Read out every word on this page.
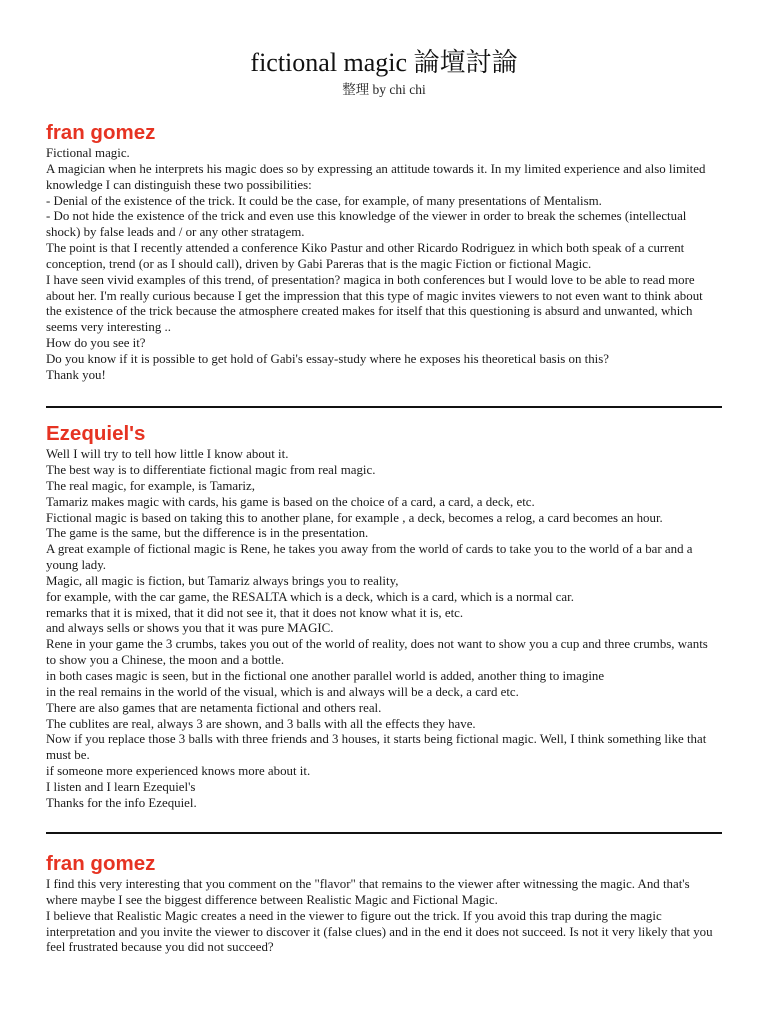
fictional magic 論壇討論
整理 by chi chi
fran gomez
Fictional magic.
A magician when he interprets his magic does so by expressing an attitude towards it. In my limited experience and also limited
knowledge I can distinguish these two possibilities:
- Denial of the existence of the trick. It could be the case, for example, of many presentations of Mentalism.
- Do not hide the existence of the trick and even use this knowledge of the viewer in order to break the schemes (intellectual
shock) by false leads and / or any other stratagem.
The point is that I recently attended a conference Kiko Pastur and other Ricardo Rodriguez in which both speak of a current
conception, trend (or as I should call), driven by Gabi Pareras that is the magic Fiction or fictional Magic.
I have seen vivid examples of this trend, of presentation? magica in both conferences but I would love to be able to read more
about her. I'm really curious because I get the impression that this type of magic invites viewers to not even want to think about
the existence of the trick because the atmosphere created makes for itself that this questioning is absurd and unwanted, which
seems very interesting ..
How do you see it?
Do you know if it is possible to get hold of Gabi's essay-study where he exposes his theoretical basis on this?
Thank you!
Ezequiel's
Well I will try to tell how little I know about it.
The best way is to differentiate fictional magic from real magic.
The real magic, for example, is Tamariz,
Tamariz makes magic with cards, his game is based on the choice of a card, a card, a deck, etc.
Fictional magic is based on taking this to another plane, for example , a deck, becomes a relog, a card becomes an hour.
The game is the same, but the difference is in the presentation.
A great example of fictional magic is Rene, he takes you away from the world of cards to take you to the world of a bar and a
young lady.
Magic, all magic is fiction, but Tamariz always brings you to reality,
for example, with the car game, the RESALTA which is a deck, which is a card, which is a normal car.
remarks that it is mixed, that it did not see it, that it does not know what it is, etc.
and always sells or shows you that it was pure MAGIC.
Rene in your game the 3 crumbs, takes you out of the world of reality, does not want to show you a cup and three crumbs, wants
to show you a Chinese, the moon and a bottle.
in both cases magic is seen, but in the fictional one another parallel world is added, another thing to imagine
in the real remains in the world of the visual, which is and always will be a deck, a card etc.
There are also games that are netamenta fictional and others real.
The cublites are real, always 3 are shown, and 3 balls with all the effects they have.
Now if you replace those 3 balls with three friends and 3 houses, it starts being fictional magic. Well, I think something like that
must be.
if someone more experienced knows more about it.
I listen and I learn Ezequiel's
Thanks for the info Ezequiel.
fran gomez
I find this very interesting that you comment on the "flavor" that remains to the viewer after witnessing the magic. And that's
where maybe I see the biggest difference between Realistic Magic and Fictional Magic.
I believe that Realistic Magic creates a need in the viewer to figure out the trick. If you avoid this trap during the magic
interpretation and you invite the viewer to discover it (false clues) and in the end it does not succeed. Is not it very likely that you
feel frustrated because you did not succeed?
